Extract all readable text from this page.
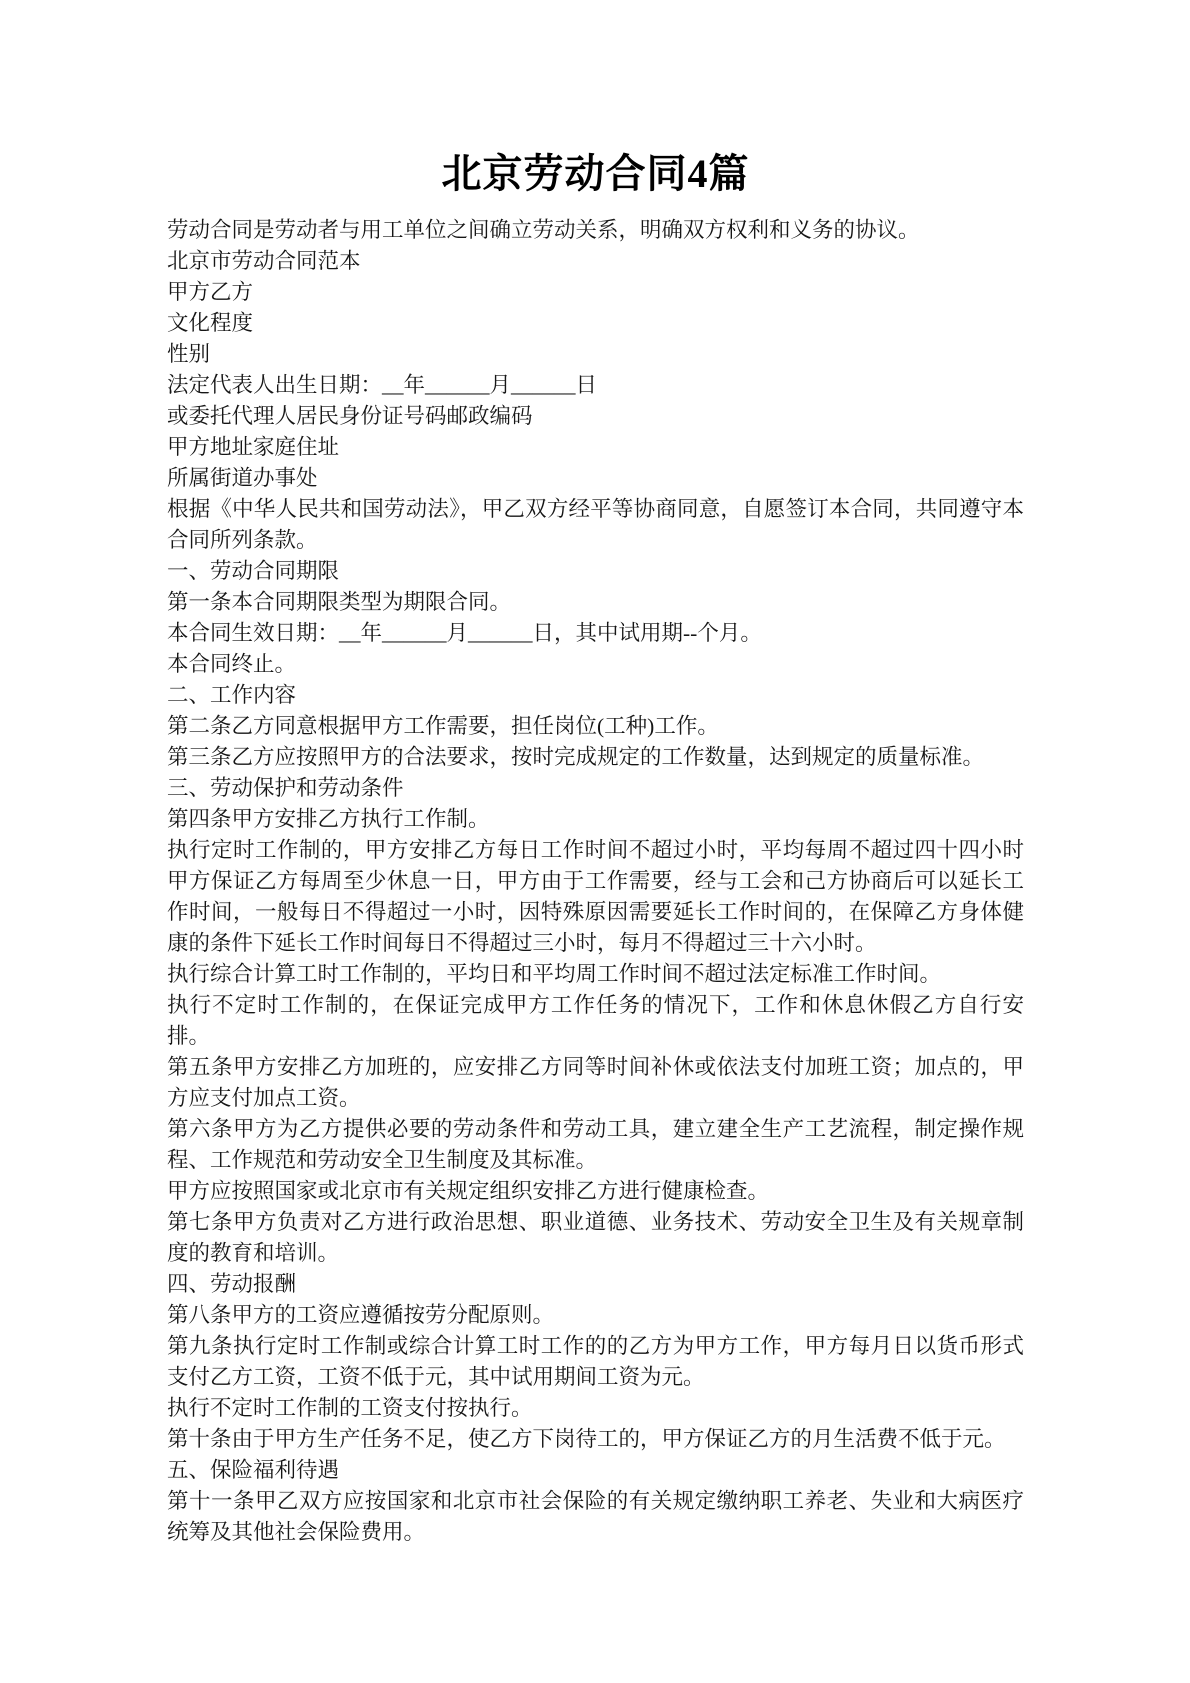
北京劳动合同4篇

劳动合同是劳动者与用工单位之间确立劳动关系，明确双方权利和义务的协议。

北京市劳动合同范本

甲方乙方

文化程度

性别

法定代表人出生日期：__年______月______日

或委托代理人居民身份证号码邮政编码

甲方地址家庭住址

所属街道办事处

根据《中华人民共和国劳动法》，甲乙双方经平等协商同意，自愿签订本合同，共同遵守本合同所列条款。

一、劳动合同期限

第一条本合同期限类型为期限合同。

本合同生效日期：__年______月______日，其中试用期--个月。

本合同终止。

二、工作内容

第二条乙方同意根据甲方工作需要，担任岗位(工种)工作。

第三条乙方应按照甲方的合法要求，按时完成规定的工作数量，达到规定的质量标准。

三、劳动保护和劳动条件

第四条甲方安排乙方执行工作制。

执行定时工作制的，甲方安排乙方每日工作时间不超过小时，平均每周不超过四十四小时甲方保证乙方每周至少休息一日，甲方由于工作需要，经与工会和己方协商后可以延长工作时间，一般每日不得超过一小时，因特殊原因需要延长工作时间的，在保障乙方身体健康的条件下延长工作时间每日不得超过三小时，每月不得超过三十六小时。

执行综合计算工时工作制的，平均日和平均周工作时间不超过法定标准工作时间。

执行不定时工作制的，在保证完成甲方工作任务的情况下，工作和休息休假乙方自行安排。

第五条甲方安排乙方加班的，应安排乙方同等时间补休或依法支付加班工资；加点的，甲方应支付加点工资。

第六条甲方为乙方提供必要的劳动条件和劳动工具，建立建全生产工艺流程，制定操作规程、工作规范和劳动安全卫生制度及其标准。

甲方应按照国家或北京市有关规定组织安排乙方进行健康检查。

第七条甲方负责对乙方进行政治思想、职业道德、业务技术、劳动安全卫生及有关规章制度的教育和培训。

四、劳动报酬

第八条甲方的工资应遵循按劳分配原则。

第九条执行定时工作制或综合计算工时工作的的乙方为甲方工作，甲方每月日以货币形式支付乙方工资，工资不低于元，其中试用期间工资为元。

执行不定时工作制的工资支付按执行。

第十条由于甲方生产任务不足，使乙方下岗待工的，甲方保证乙方的月生活费不低于元。

五、保险福利待遇

第十一条甲乙双方应按国家和北京市社会保险的有关规定缴纳职工养老、失业和大病医疗统筹及其他社会保险费用。
